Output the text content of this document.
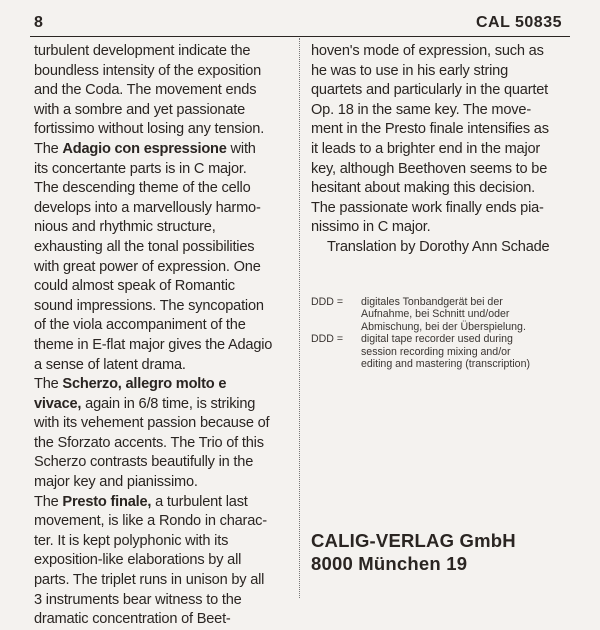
8	CAL 50835
turbulent development indicate the
boundless intensity of the exposition
and the Coda. The movement ends
with a sombre and yet passionate
fortissimo without losing any tension.
The Adagio con espressione with
its concertante parts is in C major.
The descending theme of the cello
develops into a marvellously harmo-
nious and rhythmic structure,
exhausting all the tonal possibilities
with great power of expression. One
could almost speak of Romantic
sound impressions. The syncopation
of the viola accompaniment of the
theme in E-flat major gives the Adagio
a sense of latent drama.
The Scherzo, allegro molto e
vivace, again in 6/8 time, is striking
with its vehement passion because of
the Sforzato accents. The Trio of this
Scherzo contrasts beautifully in the
major key and pianissimo.
The Presto finale, a turbulent last
movement, is like a Rondo in charac-
ter. It is kept polyphonic with its
exposition-like elaborations by all
parts. The triplet runs in unison by all
3 instruments bear witness to the
dramatic concentration of Beet-
hoven's mode of expression, such as
he was to use in his early string
quartets and particularly in the quartet
Op. 18 in the same key. The move-
ment in the Presto finale intensifies as
it leads to a brighter end in the major
key, although Beethoven seems to be
hesitant about making this decision.
The passionate work finally ends pia-
nissimo in C major.
Translation by Dorothy Ann Schade
DDD =	digitales Tonbandgerät bei der
Aufnahme, bei Schnitt und/oder
Abmischung, bei der Überspielung.
DDD =	digital tape recorder used during
session recording mixing and/or
editing and mastering (transcription)
CALIG-VERLAG GmbH
8000 München 19
